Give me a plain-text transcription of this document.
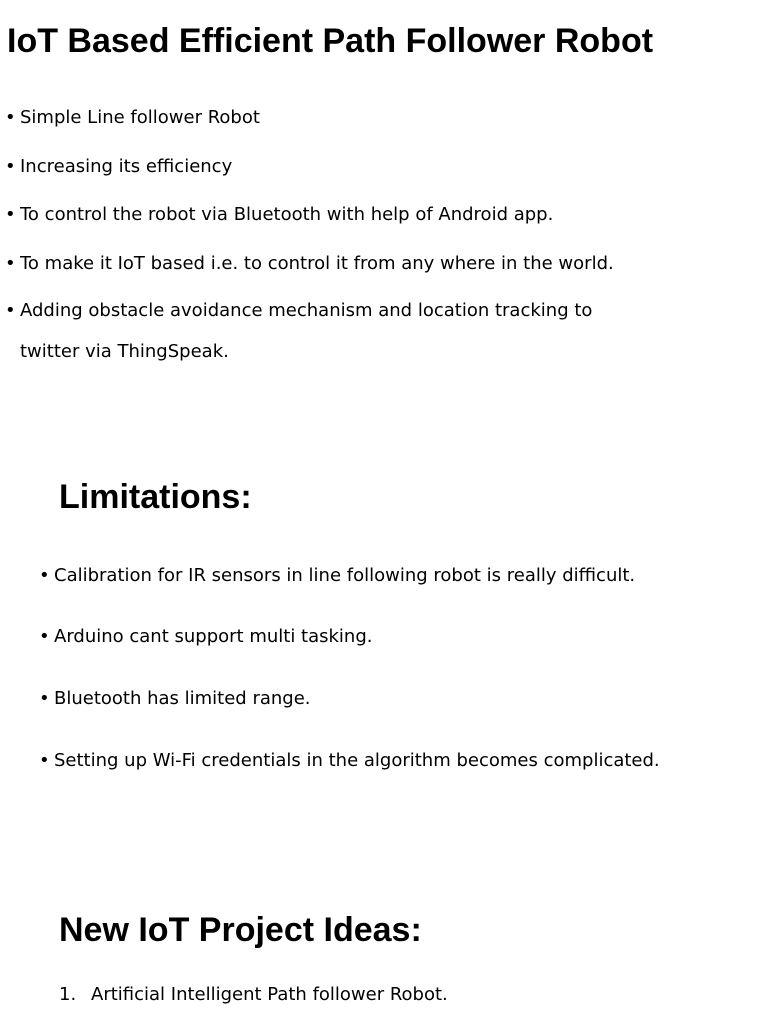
IoT Based Efficient Path Follower Robot
• Simple Line follower Robot
• Increasing its efficiency
• To control the robot via Bluetooth with help of Android app.
• To make it IoT based i.e. to control it from any where in the world.
• Adding obstacle avoidance mechanism and location tracking to
twitter via ThingSpeak.
Limitations:
• Calibration for IR sensors in line following robot is really difficult.
• Arduino cant support multi tasking.
• Bluetooth has limited range.
• Setting up Wi-Fi credentials in the algorithm becomes complicated.
New IoT Project Ideas:
1. Artificial Intelligent Path follower Robot.
